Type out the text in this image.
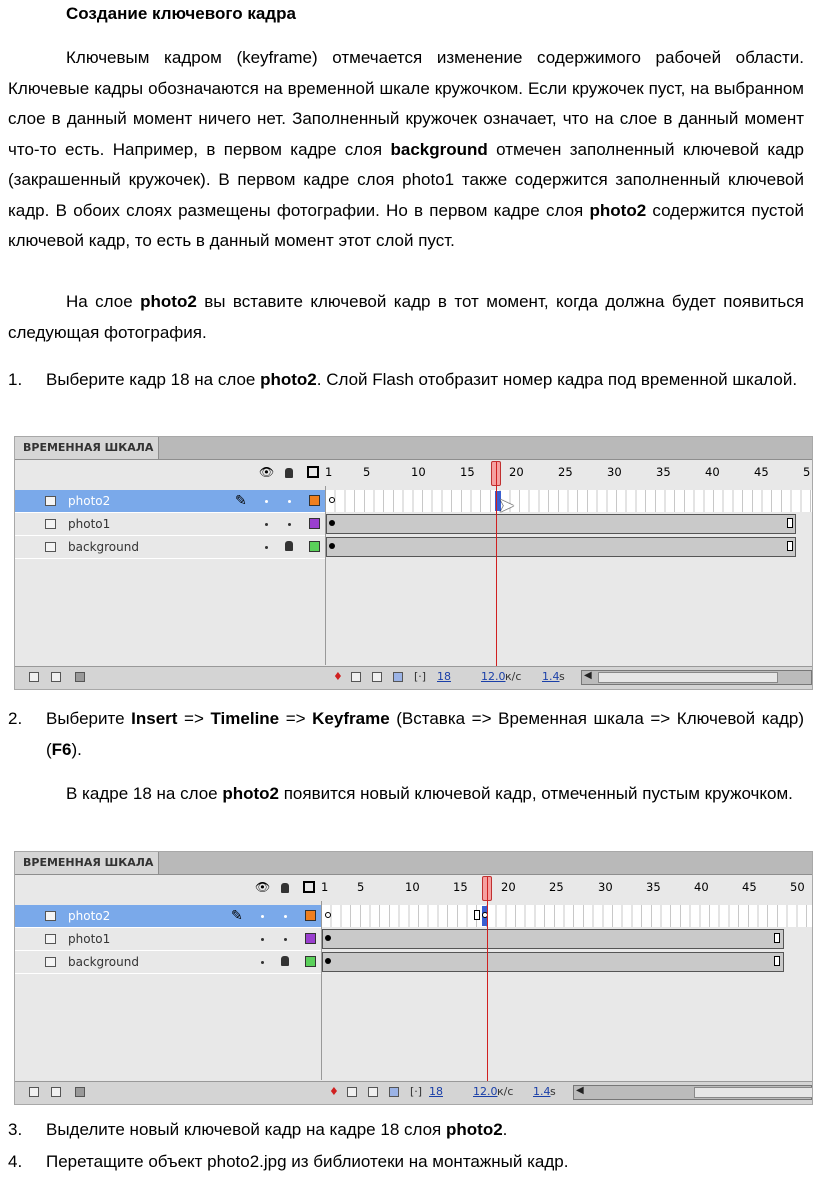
Создание ключевого кадра

Ключевым кадром (keyframe) отмечается изменение содержимого рабочей области. Ключевые кадры обозначаются на временной шкале кружочком. Если кружочек пуст, на выбранном слое в данный момент ничего нет. Заполненный кружочек означает, что на слое в данный момент что-то есть. Например, в первом кадре слоя background отмечен заполненный ключевой кадр (закрашенный кружочек). В первом кадре слоя photo1 также содержится заполненный ключевой кадр. В обоих слоях размещены фотографии. Но в первом кадре слоя photo2 содержится пустой ключевой кадр, то есть в данный момент этот слой пуст.

На слое photo2 вы вставите ключевой кадр в тот момент, когда должна будет появиться следующая фотография.

1. Выберите кадр 18 на слое photo2. Слой Flash отобразит номер кадра под временной шкалой.
ВРЕМЕННАЯ ШКАЛА
👁	1	5	10	15	20	25	30	35	40	45	5
photo2	✎
photo1
background
➤
♦	[·] 18	12.0 к/с 1.4 s ◀
2. Выберите Insert => Timeline => Keyframe (Вставка => Временная шкала => Ключевой кадр) (F6).

В кадре 18 на слое photo2 появится новый ключевой кадр, отмеченный пустым кружочком.

ВРЕМЕННАЯ ШКАЛА
👁	1 5	10	15	20	25	30	35	40	45	50
photo2	✎
photo1
background
♦	[·] 18	12.0 к/с 1.4 s ◀
3. Выделите новый ключевой кадр на кадре 18 слоя photo2.
4. Перетащите объект photo2.jpg из библиотеки на монтажный кадр.
